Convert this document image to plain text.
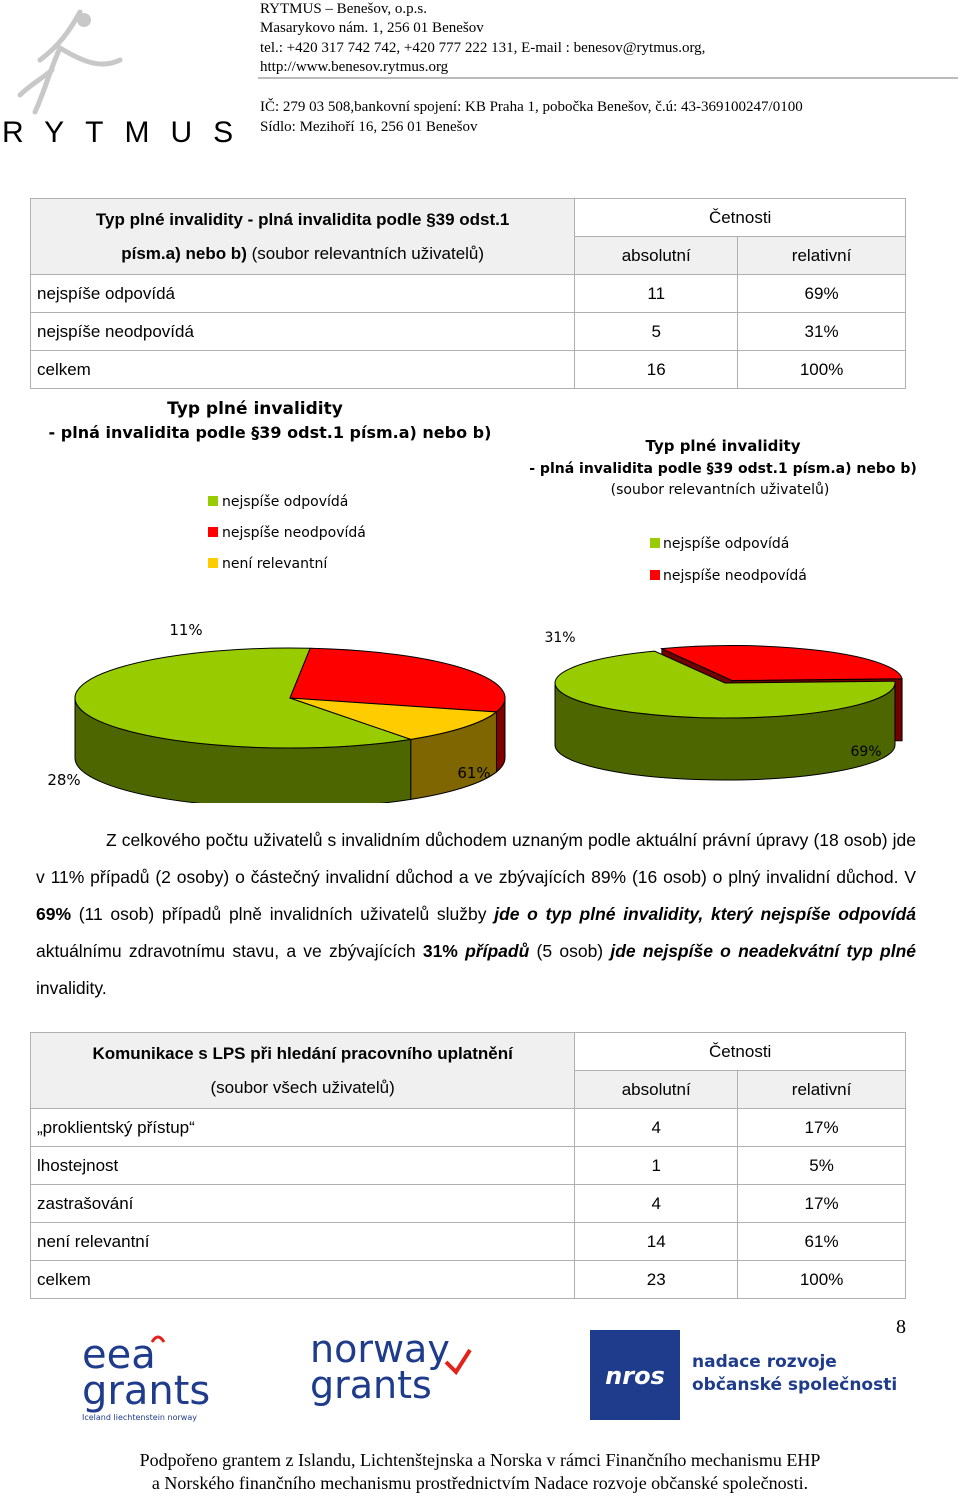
RYTMUS
RYTMUS – Benešov, o.p.s.
Masarykovo nám. 1, 256 01 Benešov
tel.: +420 317 742 742, +420 777 222 131, E-mail : benesov@rytmus.org,
http://www.benesov.rytmus.org
IČ: 279 03 508,bankovní spojení: KB Praha 1, pobočka Benešov, č.ú: 43-369100247/0100
Sídlo: Mezihoří 16, 256 01 Benešov
Typ plné invalidity - plná invalidita podle §39 odst.1
písm.a) nebo b) (soubor relevantních uživatelů)	Četnosti	
	absolutní	relativní
nejspíše odpovídá	11	69%
nejspíše neodpovídá	5	31%
celkem	16	100%
Typ plné invalidity
- plná invalidita podle §39 odst.1 písm.a) nebo b)
nejspíše odpovídá
nejspíše neodpovídá
není relevantní
11%
28%	61%
Typ plné invalidity
- plná invalidita podle §39 odst.1 písm.a) nebo b)
(soubor relevantních uživatelů)
nejspíše odpovídá
nejspíše neodpovídá
31%
69%

Z celkového počtu uživatelů s invalidním důchodem uznaným podle aktuální právní úpravy (18 osob) jde v 11% případů (2 osoby) o částečný invalidní důchod a ve zbývajících 89% (16 osob) o plný invalidní důchod. V 69% (11 osob) případů plně invalidních uživatelů služby jde o typ plné invalidity, který nejspíše odpovídá aktuálnímu zdravotnímu stavu, a ve zbývajících 31% případů (5 osob) jde nejspíše o neadekvátní typ plné invalidity.

Komunikace s LPS při hledání pracovního uplatnění
(soubor všech uživatelů)	Četnosti	
	absolutní	relativní
„proklientský přístup“	4	17%
lhostejnost	1	5%
zastrašování	4	17%
není relevantní	14	61%
celkem	23	100%
8
eea
grants
Iceland liechtenstein norway
norway
grants	nros nadace rozvoje
občanské společnosti
Podpořeno grantem z Islandu, Lichtenštejnska a Norska v rámci Finančního mechanismu EHP
a Norského finančního mechanismu prostřednictvím Nadace rozvoje občanské společnosti.
